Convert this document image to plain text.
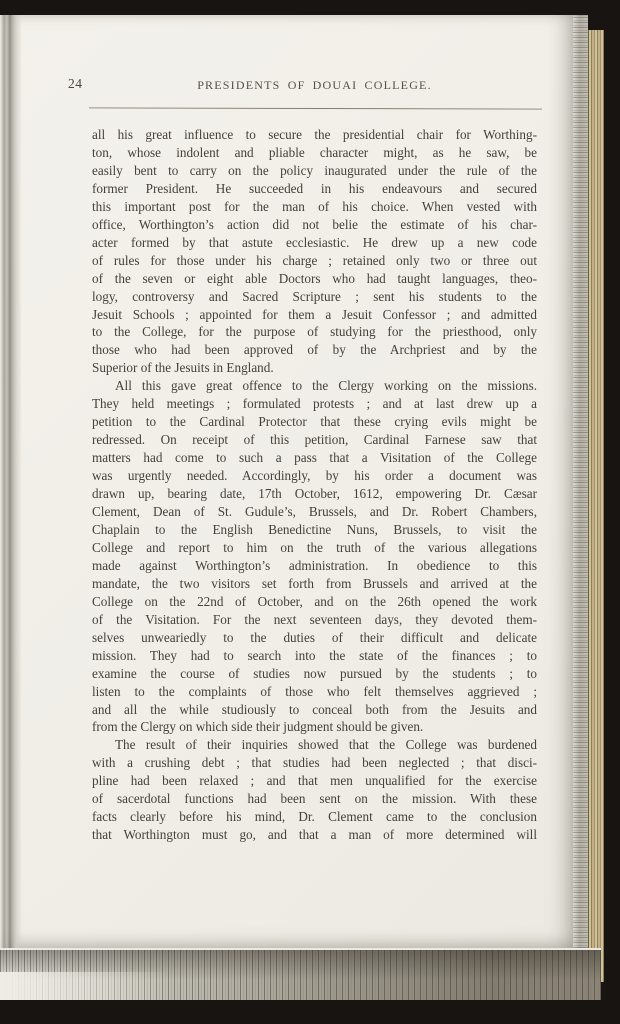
24	PRESIDENTS OF DOUAI COLLEGE.
all his great influence to secure the presidential chair for Worthing-
ton, whose indolent and pliable character might, as he saw, be
easily bent to carry on the policy inaugurated under the rule of the
former President. He succeeded in his endeavours and secured
this important post for the man of his choice. When vested with
office, Worthington’s action did not belie the estimate of his char-
acter formed by that astute ecclesiastic. He drew up a new code
of rules for those under his charge ; retained only two or three out
of the seven or eight able Doctors who had taught languages, theo-
logy, controversy and Sacred Scripture ; sent his students to the
Jesuit Schools ; appointed for them a Jesuit Confessor ; and admitted
to the College, for the purpose of studying for the priesthood, only
those who had been approved of by the Archpriest and by the
Superior of the Jesuits in England.
All this gave great offence to the Clergy working on the missions.
They held meetings ; formulated protests ; and at last drew up a
petition to the Cardinal Protector that these crying evils might be
redressed. On receipt of this petition, Cardinal Farnese saw that
matters had come to such a pass that a Visitation of the College
was urgently needed. Accordingly, by his order a document was
drawn up, bearing date, 17th October, 1612, empowering Dr. Cæsar
Clement, Dean of St. Gudule’s, Brussels, and Dr. Robert Chambers,
Chaplain to the English Benedictine Nuns, Brussels, to visit the
College and report to him on the truth of the various allegations
made against Worthington’s administration. In obedience to this
mandate, the two visitors set forth from Brussels and arrived at the
College on the 22nd of October, and on the 26th opened the work
of the Visitation. For the next seventeen days, they devoted them-
selves unweariedly to the duties of their difficult and delicate
mission. They had to search into the state of the finances ; to
examine the course of studies now pursued by the students ; to
listen to the complaints of those who felt themselves aggrieved ;
and all the while studiously to conceal both from the Jesuits and
from the Clergy on which side their judgment should be given.
The result of their inquiries showed that the College was burdened
with a crushing debt ; that studies had been neglected ; that disci-
pline had been relaxed ; and that men unqualified for the exercise
of sacerdotal functions had been sent on the mission. With these
facts clearly before his mind, Dr. Clement came to the conclusion
that Worthington must go, and that a man of more determined will
